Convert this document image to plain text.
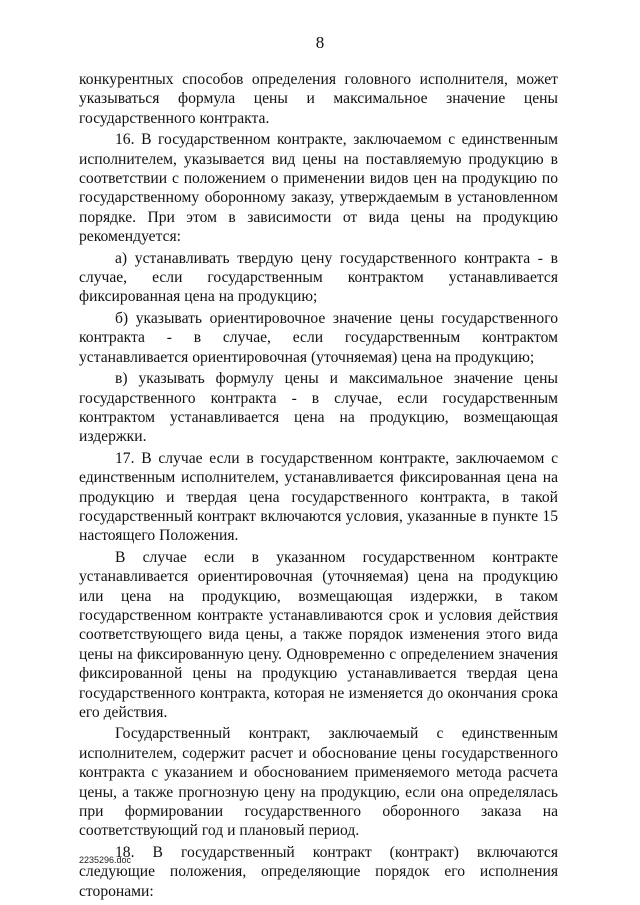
8

конкурентных способов определения головного исполнителя, может указываться формула цены и максимальное значение цены государственного контракта.

16. В государственном контракте, заключаемом с единственным исполнителем, указывается вид цены на поставляемую продукцию в соответствии с положением о применении видов цен на продукцию по государственному оборонному заказу, утверждаемым в установленном порядке. При этом в зависимости от вида цены на продукцию рекомендуется:

а) устанавливать твердую цену государственного контракта - в случае, если государственным контрактом устанавливается фиксированная цена на продукцию;

б) указывать ориентировочное значение цены государственного контракта - в случае, если государственным контрактом устанавливается ориентировочная (уточняемая) цена на продукцию;

в) указывать формулу цены и максимальное значение цены государственного контракта - в случае, если государственным контрактом устанавливается цена на продукцию, возмещающая издержки.

17. В случае если в государственном контракте, заключаемом с единственным исполнителем, устанавливается фиксированная цена на продукцию и твердая цена государственного контракта, в такой государственный контракт включаются условия, указанные в пункте 15 настоящего Положения.

В случае если в указанном государственном контракте устанавливается ориентировочная (уточняемая) цена на продукцию или цена на продукцию, возмещающая издержки, в таком государственном контракте устанавливаются срок и условия действия соответствующего вида цены, а также порядок изменения этого вида цены на фиксированную цену. Одновременно с определением значения фиксированной цены на продукцию устанавливается твердая цена государственного контракта, которая не изменяется до окончания срока его действия.

Государственный контракт, заключаемый с единственным исполнителем, содержит расчет и обоснование цены государственного контракта с указанием и обоснованием применяемого метода расчета цены, а также прогнозную цену на продукцию, если она определялась при формировании государственного оборонного заказа на соответствующий год и плановый период.

18. В государственный контракт (контракт) включаются следующие положения, определяющие порядок его исполнения сторонами:

2235296.doc
